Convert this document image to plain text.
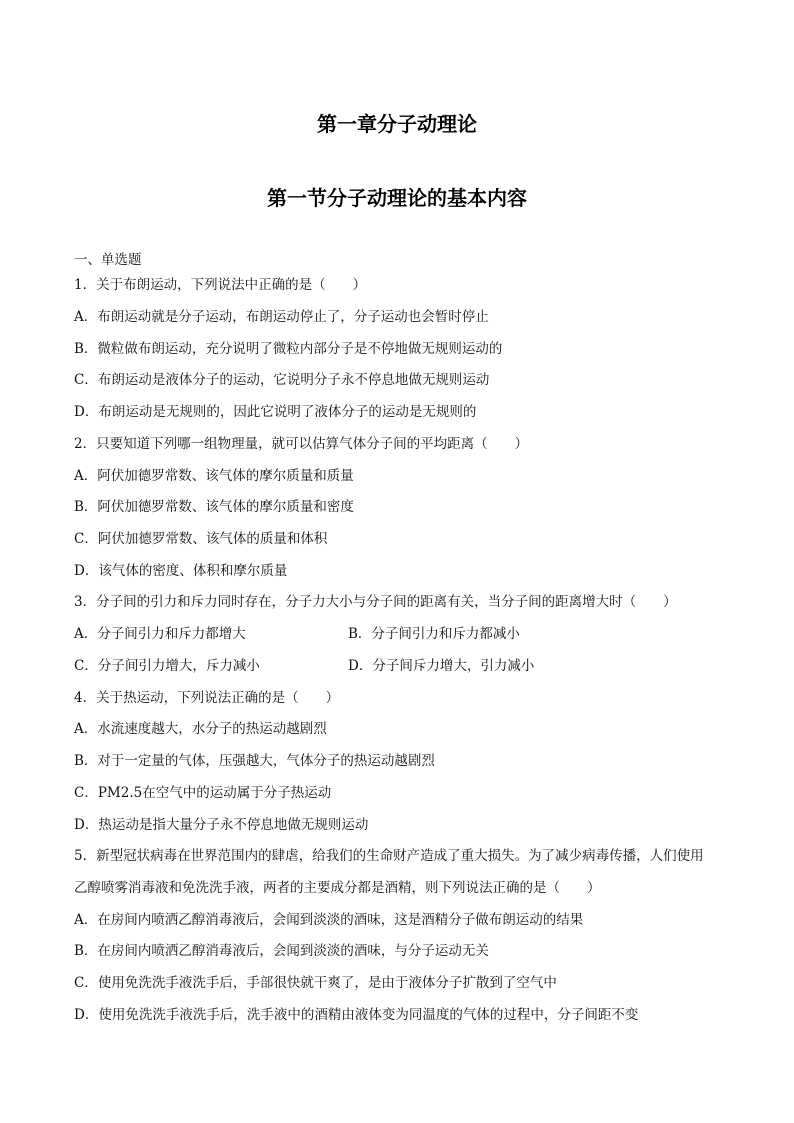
第一章分子动理论
第一节分子动理论的基本内容
一、单选题
1．关于布朗运动，下列说法中正确的是（　　）
A．布朗运动就是分子运动，布朗运动停止了，分子运动也会暂时停止
B．微粒做布朗运动，充分说明了微粒内部分子是不停地做无规则运动的
C．布朗运动是液体分子的运动，它说明分子永不停息地做无规则运动
D．布朗运动是无规则的，因此它说明了液体分子的运动是无规则的
2．只要知道下列哪一组物理量，就可以估算气体分子间的平均距离（　　）
A．阿伏加德罗常数、该气体的摩尔质量和质量
B．阿伏加德罗常数、该气体的摩尔质量和密度
C．阿伏加德罗常数、该气体的质量和体积
D．该气体的密度、体积和摩尔质量
3．分子间的引力和斥力同时存在，分子力大小与分子间的距离有关，当分子间的距离增大时（　　）
A．分子间引力和斥力都增大	B．分子间引力和斥力都减小
C．分子间引力增大，斥力减小	D．分子间斥力增大，引力减小
4．关于热运动，下列说法正确的是（　　）
A．水流速度越大，水分子的热运动越剧烈
B．对于一定量的气体，压强越大，气体分子的热运动越剧烈
C．PM2.5在空气中的运动属于分子热运动
D．热运动是指大量分子永不停息地做无规则运动
5．新型冠状病毒在世界范围内的肆虐，给我们的生命财产造成了重大损失。为了减少病毒传播，人们使用
乙醇喷雾消毒液和免洗洗手液，两者的主要成分都是酒精，则下列说法正确的是（　　）
A．在房间内喷洒乙醇消毒液后，会闻到淡淡的酒味，这是酒精分子做布朗运动的结果
B．在房间内喷洒乙醇消毒液后，会闻到淡淡的酒味，与分子运动无关
C．使用免洗洗手液洗手后，手部很快就干爽了，是由于液体分子扩散到了空气中
D．使用免洗洗手液洗手后，洗手液中的酒精由液体变为同温度的气体的过程中，分子间距不变
